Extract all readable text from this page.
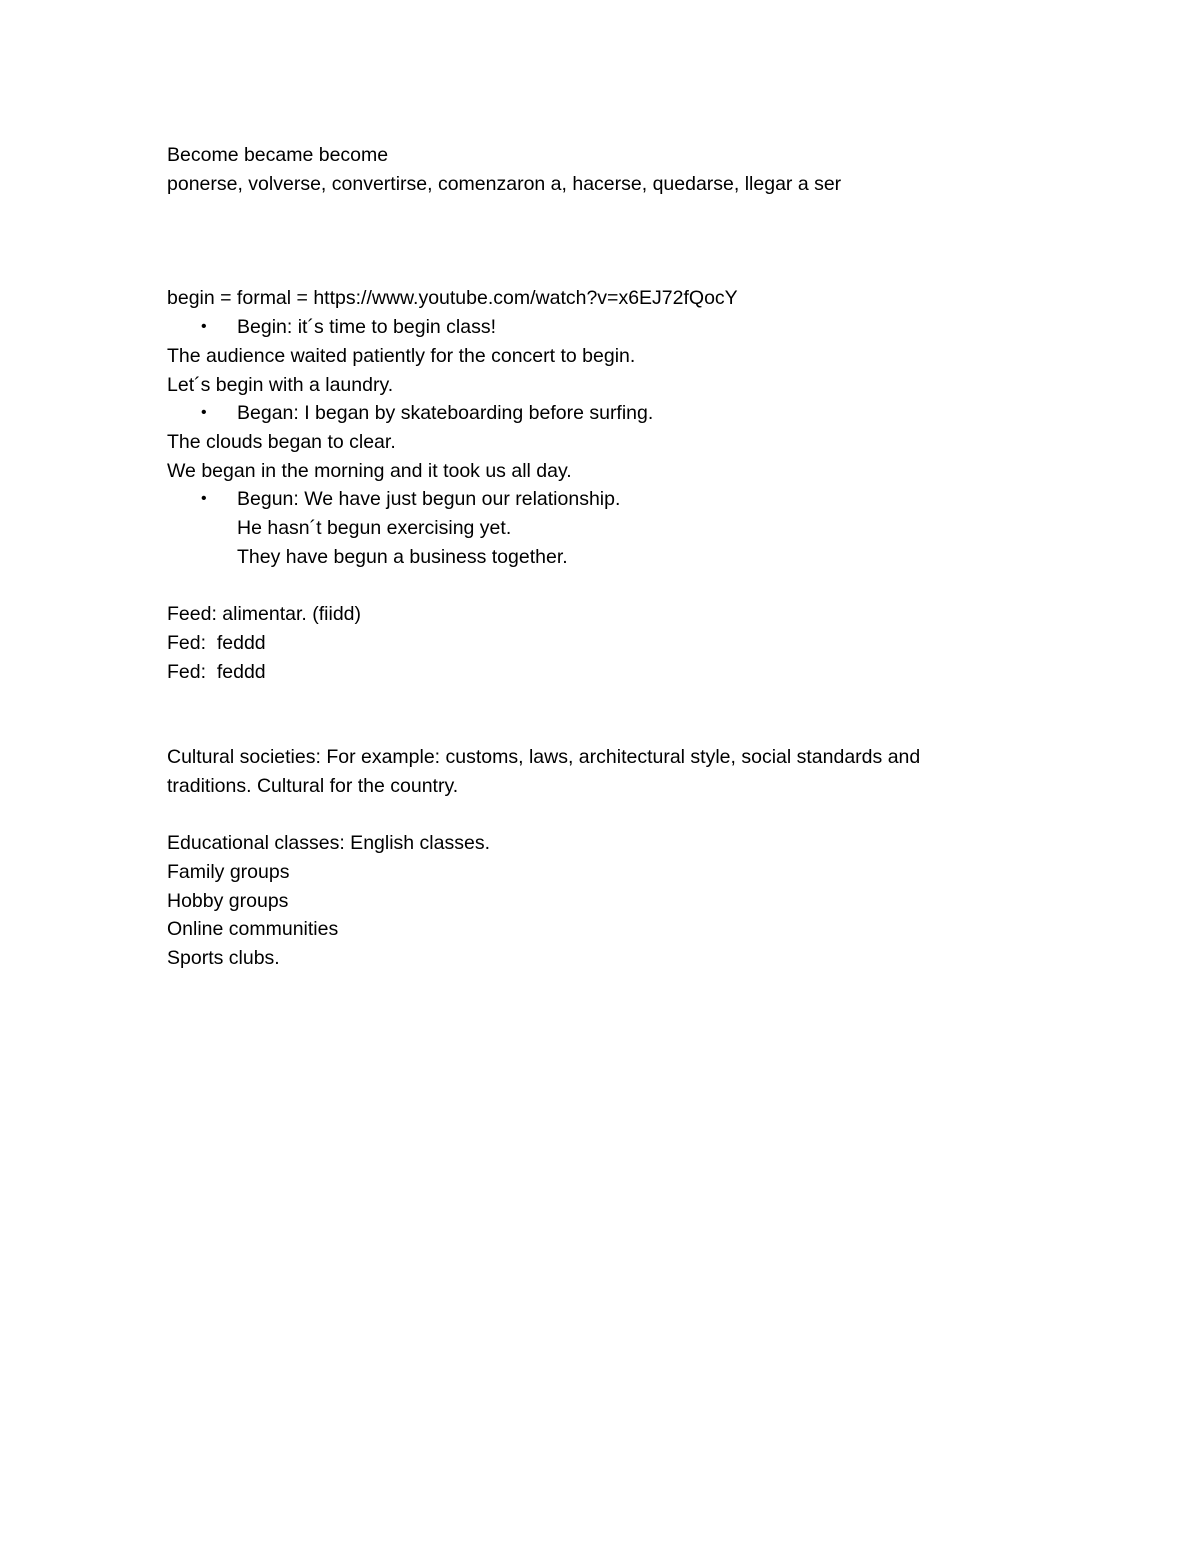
Become became become
ponerse, volverse, convertirse, comenzaron a, hacerse, quedarse, llegar a ser
begin = formal = https://www.youtube.com/watch?v=x6EJ72fQocY
•	Begin: it´s time to begin class!
The audience waited patiently for the concert to begin.
Let´s begin with a laundry.
•	Began: I began by skateboarding before surfing.
The clouds began to clear.
We began in the morning and it took us all day.
•	Begun: We have just begun our relationship.
He hasn´t begun exercising yet.
They have begun a business together.
Feed: alimentar. (fiidd)
Fed:  feddd
Fed:  feddd
Cultural societies: For example: customs, laws, architectural style, social standards and traditions. Cultural for the country.
Educational classes: English classes.
Family groups
Hobby groups
Online communities
Sports clubs.
